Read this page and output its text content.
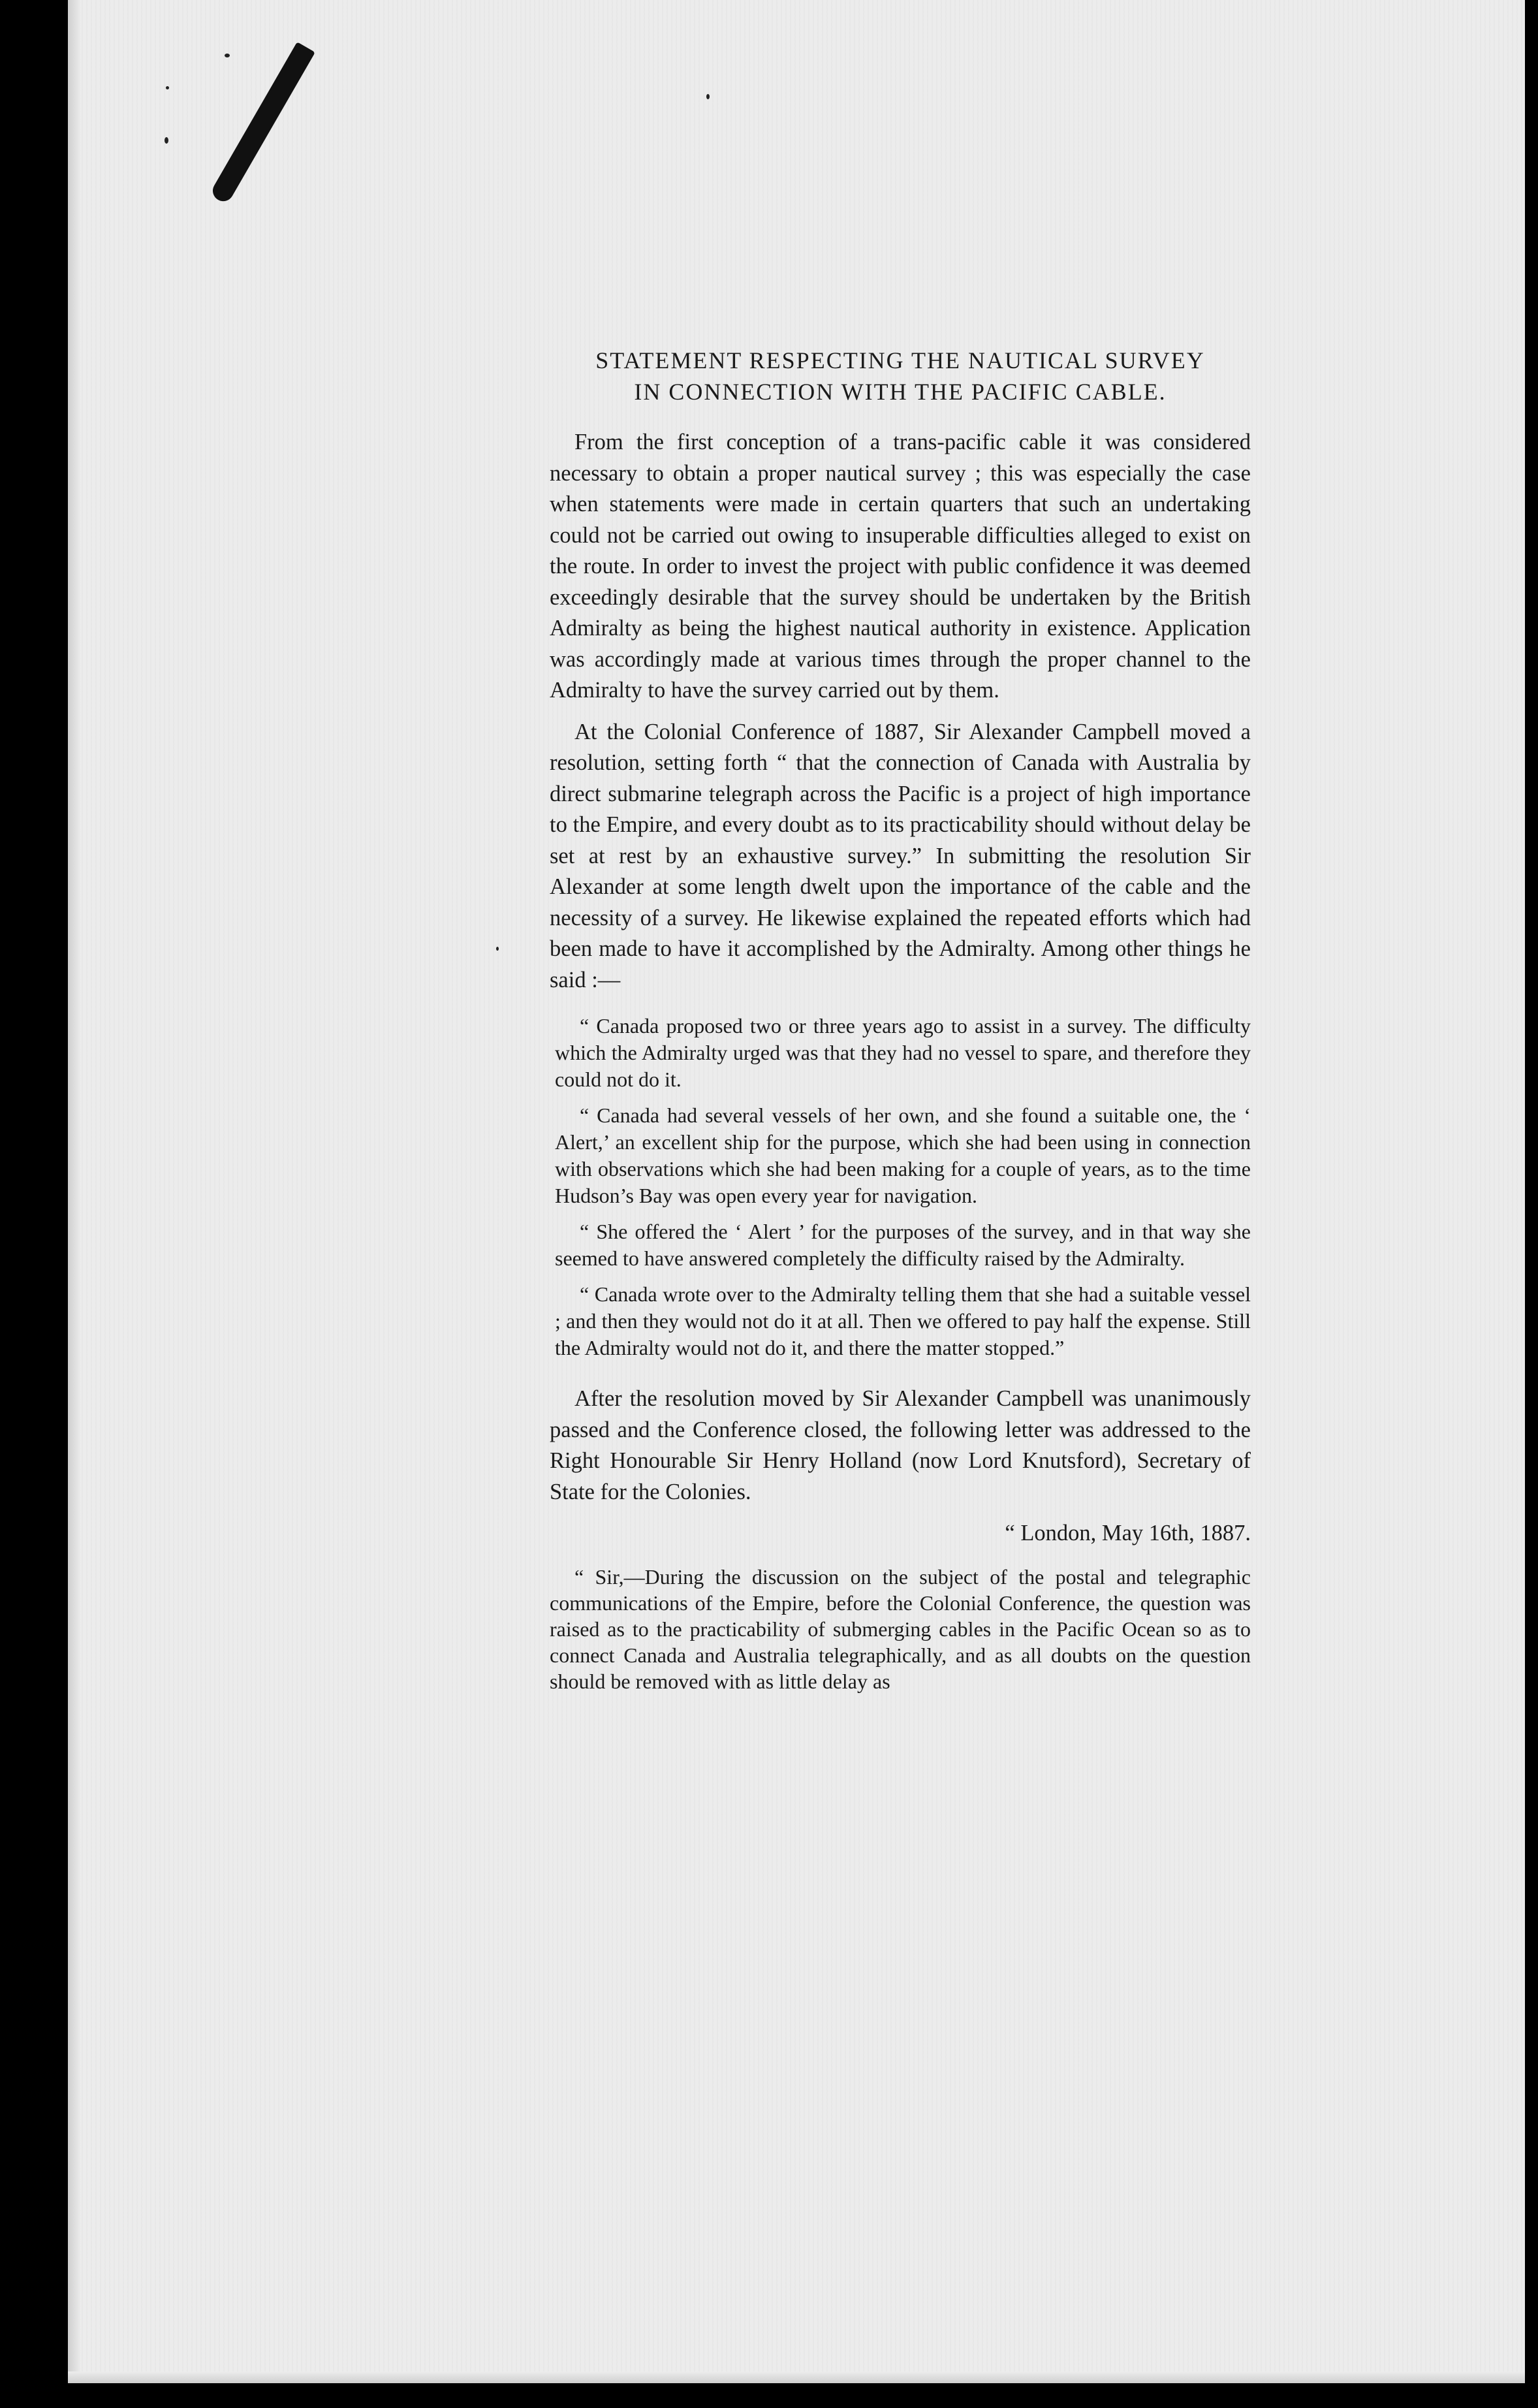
STATEMENT RESPECTING THE NAUTICAL SURVEY
IN CONNECTION WITH THE PACIFIC CABLE.

From the first conception of a trans-pacific cable it was considered necessary to obtain a proper nautical survey ; this was especially the case when statements were made in certain quarters that such an undertaking could not be carried out owing to insuperable difficulties alleged to exist on the route. In order to invest the project with public confidence it was deemed exceedingly desirable that the survey should be undertaken by the British Admiralty as being the highest nautical authority in existence. Application was accordingly made at various times through the proper channel to the Admiralty to have the survey carried out by them.

At the Colonial Conference of 1887, Sir Alexander Campbell moved a resolution, setting forth “ that the connection of Canada with Australia by direct submarine telegraph across the Pacific is a project of high importance to the Empire, and every doubt as to its practicability should without delay be set at rest by an exhaustive survey.” In submitting the resolution Sir Alexander at some length dwelt upon the importance of the cable and the necessity of a survey. He likewise explained the repeated efforts which had been made to have it accomplished by the Admiralty. Among other things he said :—

“ Canada proposed two or three years ago to assist in a survey. The difficulty which the Admiralty urged was that they had no vessel to spare, and therefore they could not do it.

“ Canada had several vessels of her own, and she found a suitable one, the ‘ Alert,’ an excellent ship for the purpose, which she had been using in connection with observations which she had been making for a couple of years, as to the time Hudson’s Bay was open every year for navigation.

“ She offered the ‘ Alert ’ for the purposes of the survey, and in that way she seemed to have answered completely the difficulty raised by the Admiralty.

“ Canada wrote over to the Admiralty telling them that she had a suitable vessel ; and then they would not do it at all. Then we offered to pay half the expense. Still the Admiralty would not do it, and there the matter stopped.”

After the resolution moved by Sir Alexander Campbell was unanimously passed and the Conference closed, the following letter was addressed to the Right Honourable Sir Henry Holland (now Lord Knutsford), Secretary of State for the Colonies.

“ London, May 16th, 1887.

“ Sir,—During the discussion on the subject of the postal and telegraphic communications of the Empire, before the Colonial Conference, the question was raised as to the practicability of submerging cables in the Pacific Ocean so as to connect Canada and Australia telegraphically, and as all doubts on the question should be removed with as little delay as
